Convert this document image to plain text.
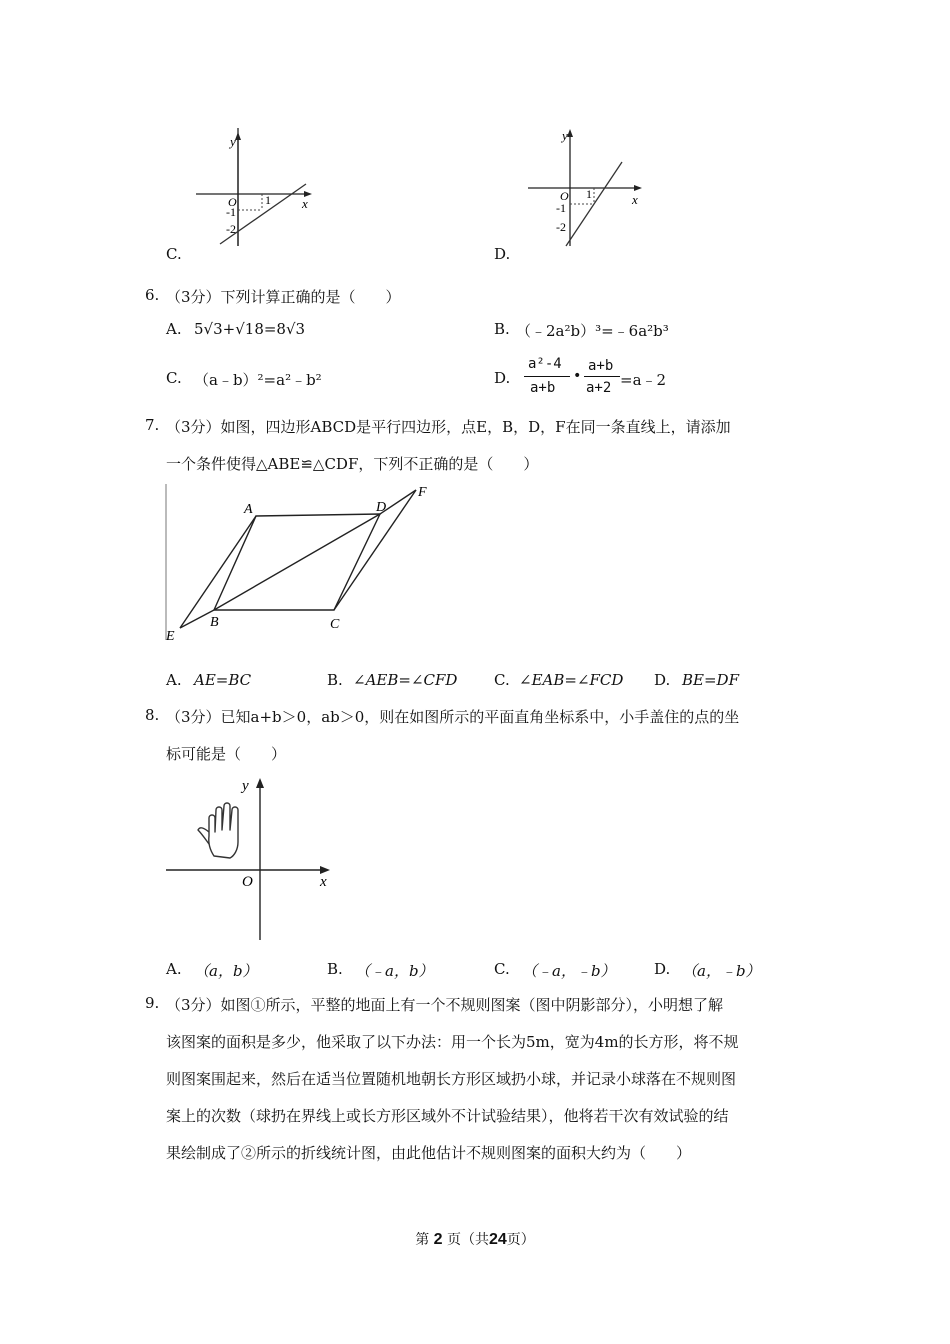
y
x
O 1
-1
-2
C.
y
x
O 1
-1
-2
D.
6. （3分）下列计算正确的是（　　）
A. 5√3+√18=8√3	B. （﹣2a²b）³=﹣6a²b³
C. （a﹣b）²=a²﹣b²	D.
a²-4
a+b
•
a+b
a+2 =a﹣2
7. （3分）如图，四边形ABCD是平行四边形，点E，B，D，F在同一条直线上，请添加
一个条件使得△ABE≌△CDF，下列不正确的是（　　）
A	D
F
B	C
E
A. AE=BC	B. ∠AEB=∠CFD C. ∠EAB=∠FCD D. BE=DF
8. （3分）已知a+b＞0，ab＞0，则在如图所示的平面直角坐标系中，小手盖住的点的坐
标可能是（　　）
y
x
O
A. （a，b）	B. （﹣a，b）	C. （﹣a，﹣b）	D. （a，﹣b）
9. （3分）如图①所示，平整的地面上有一个不规则图案（图中阴影部分），小明想了解
该图案的面积是多少，他采取了以下办法：用一个长为5m，宽为4m的长方形，将不规
则图案围起来，然后在适当位置随机地朝长方形区域扔小球，并记录小球落在不规则图
案上的次数（球扔在界线上或长方形区域外不计试验结果），他将若干次有效试验的结
果绘制成了②所示的折线统计图，由此他估计不规则图案的面积大约为（　　）
第 2 页（共24页）
